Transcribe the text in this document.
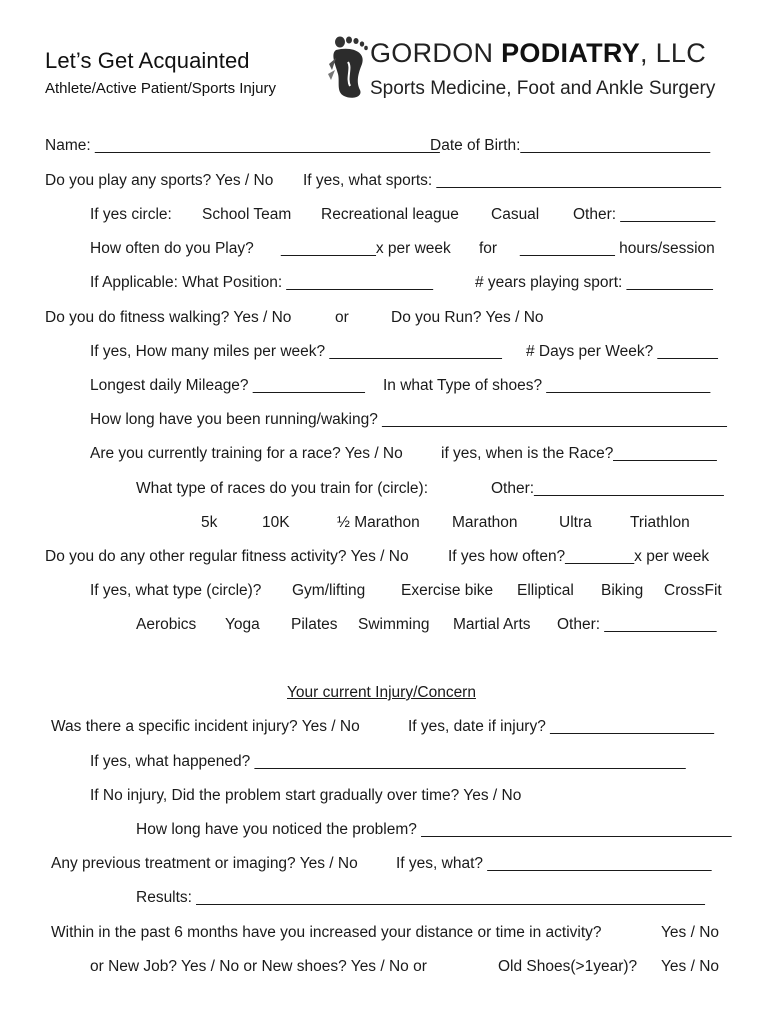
Let’s Get Acquainted
Athlete/Active Patient/Sports Injury
GORDON PODIATRY, LLC
Sports Medicine, Foot and Ankle Surgery
Name: ________________________________________
Date of Birth:______________________
Do you play any sports? Yes / No If yes, what sports: _________________________________
If yes circle: School Team Recreational league Casual Other: ___________
How often do you Play? ___________x per week for ___________ hours/session
If Applicable: What Position: _________________	# years playing sport: __________
Do you do fitness walking? Yes / No	or	Do you Run? Yes / No
If yes, How many miles per week? ____________________ # Days per Week? _______
Longest daily Mileage? _____________ In what Type of shoes? ___________________
How long have you been running/waking? ________________________________________
Are you currently training for a race? Yes / No if yes, when is the Race?____________
What type of races do you train for (circle):	Other:______________________
5k	10K	½ Marathon Marathon	Ultra Triathlon
Do you do any other regular fitness activity? Yes / No	If yes how often?________x per week
If yes, what type (circle)? Gym/lifting Exercise bike Elliptical Biking CrossFit
Aerobics Yoga Pilates Swimming Martial Arts Other: _____________
Your current Injury/Concern
Was there a specific incident injury? Yes / No	If yes, date if injury? ___________________
If yes, what happened? __________________________________________________
If No injury, Did the problem start gradually over time? Yes / No
How long have you noticed the problem? ____________________________________
Any previous treatment or imaging? Yes / No If yes, what? __________________________
Results: ___________________________________________________________
Within in the past 6 months have you increased your distance or time in activity?	Yes / No
or New Job? Yes / No or New shoes? Yes / No or	Old Shoes(>1year)? Yes / No
